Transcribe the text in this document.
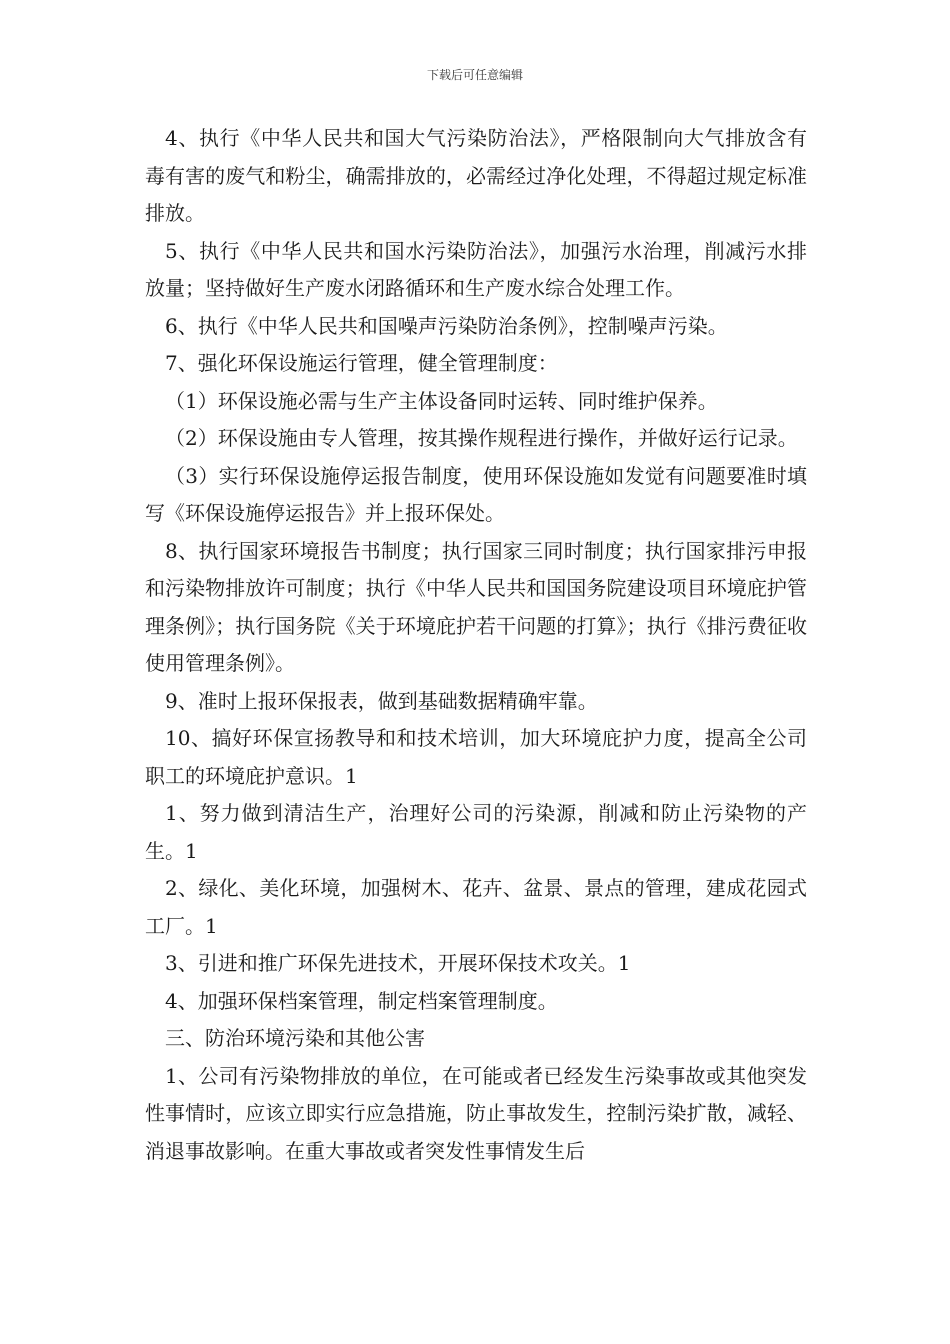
下载后可任意编辑

4、执行《中华人民共和国大气污染防治法》，严格限制向大气排放含有毒有害的废气和粉尘，确需排放的，必需经过净化处理，不得超过规定标准排放。

5、执行《中华人民共和国水污染防治法》，加强污水治理，削减污水排放量；坚持做好生产废水闭路循环和生产废水综合处理工作。

6、执行《中华人民共和国噪声污染防治条例》，控制噪声污染。

7、强化环保设施运行管理，健全管理制度：

（1）环保设施必需与生产主体设备同时运转、同时维护保养。

（2）环保设施由专人管理，按其操作规程进行操作，并做好运行记录。

（3）实行环保设施停运报告制度，使用环保设施如发觉有问题要准时填写《环保设施停运报告》并上报环保处。

8、执行国家环境报告书制度；执行国家三同时制度；执行国家排污申报和污染物排放许可制度；执行《中华人民共和国国务院建设项目环境庇护管理条例》；执行国务院《关于环境庇护若干问题的打算》；执行《排污费征收使用管理条例》。

9、准时上报环保报表，做到基础数据精确牢靠。

10、搞好环保宣扬教导和和技术培训，加大环境庇护力度，提高全公司职工的环境庇护意识。1

1、努力做到清洁生产，治理好公司的污染源，削减和防止污染物的产生。1

2、绿化、美化环境，加强树木、花卉、盆景、景点的管理，建成花园式工厂。1

3、引进和推广环保先进技术，开展环保技术攻关。1

4、加强环保档案管理，制定档案管理制度。

三、防治环境污染和其他公害

1、公司有污染物排放的单位，在可能或者已经发生污染事故或其他突发性事情时，应该立即实行应急措施，防止事故发生，控制污染扩散，减轻、消退事故影响。在重大事故或者突发性事情发生后
